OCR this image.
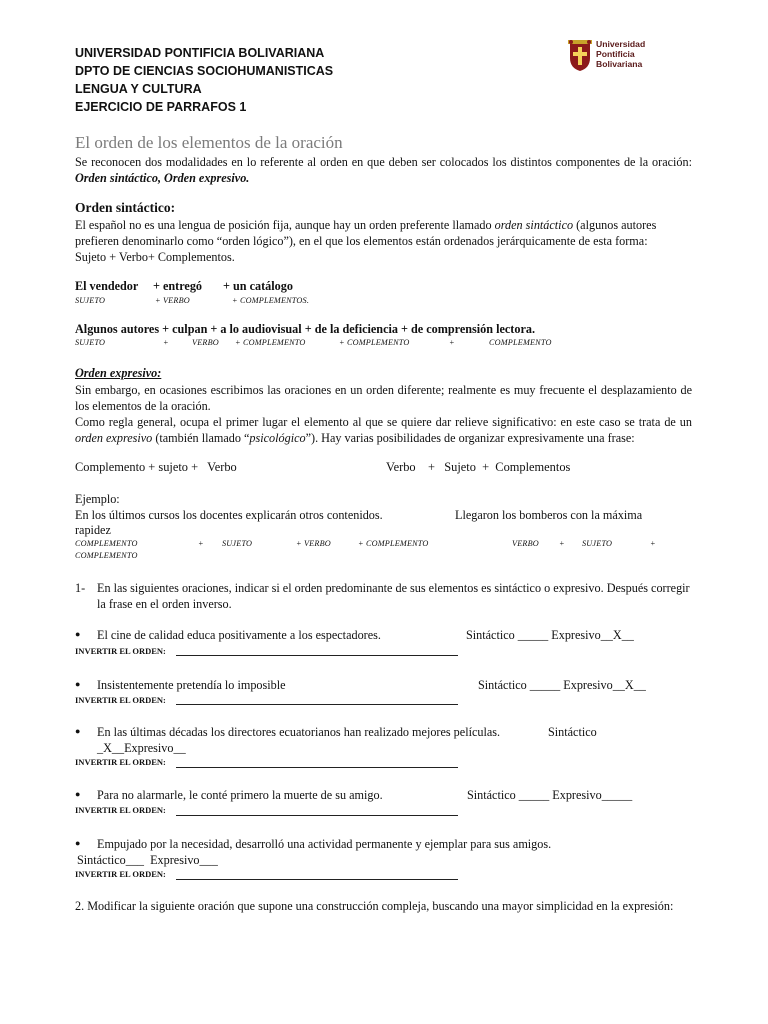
UNIVERSIDAD PONTIFICIA BOLIVARIANA
DPTO DE CIENCIAS SOCIOHUMANISTICAS
LENGUA Y CULTURA
EJERCICIO DE PARRAFOS 1
Universidad
Pontificia
Bolivariana
El orden de los elementos de la oración
Se reconocen dos modalidades en lo referente al orden en que deben ser colocados los distintos componentes de la oración: Orden sintáctico, Orden expresivo.
Orden sintáctico:
El español no es una lengua de posición fija, aunque hay un orden preferente llamado orden sintáctico (algunos autores prefieren denominarlo como “orden lógico”), en el que los elementos están ordenados jerárquicamente de esta forma: Sujeto + Verbo+ Complementos.
El vendedor + entregó + un catálogo
SUJETO	+ VERBO	+ COMPLEMENTOS.
Algunos autores + culpan + a lo audiovisual + de la deficiencia + de comprensión lectora.
SUJETO	+	VERBO + COMPLEMENTO	+ COMPLEMENTO	+	COMPLEMENTO
Orden expresivo:
Sin embargo, en ocasiones escribimos las oraciones en un orden diferente; realmente es muy frecuente el desplazamiento de los elementos de la oración.
Como regla general, ocupa el primer lugar el elemento al que se quiere dar relieve significativo: en este caso se trata de un orden expresivo (también llamado “psicológico”). Hay varias posibilidades de organizar expresivamente una frase:
Complemento + sujeto +   Verbo	Verbo    +   Sujeto  +  Complementos
Ejemplo:
En los últimos cursos los docentes explicarán otros contenidos.	Llegaron los bomberos con la máxima
rapidez
COMPLEMENTO	+ SUJETO	+ VERBO	+ COMPLEMENTO	VERBO + SUJETO	+
COMPLEMENTO
1- En las siguientes oraciones, indicar si el orden predominante de sus elementos es sintáctico o expresivo. Después corregir la frase en el orden inverso.
● El cine de calidad educa positivamente a los espectadores.	Sintáctico _____ Expresivo__X__
INVERTIR EL ORDEN:
● Insistentemente pretendía lo imposible	Sintáctico _____ Expresivo__X__
INVERTIR EL ORDEN:
● En las últimas décadas los directores ecuatorianos han realizado mejores películas.	Sintáctico
_X__Expresivo__
INVERTIR EL ORDEN:
● Para no alarmarle, le conté primero la muerte de su amigo.	Sintáctico _____ Expresivo_____
INVERTIR EL ORDEN:
● Empujado por la necesidad, desarrolló una actividad permanente y ejemplar para sus amigos.
Sintáctico___  Expresivo___
INVERTIR EL ORDEN:
2. Modificar la siguiente oración que supone una construcción compleja, buscando una mayor simplicidad en la expresión:
